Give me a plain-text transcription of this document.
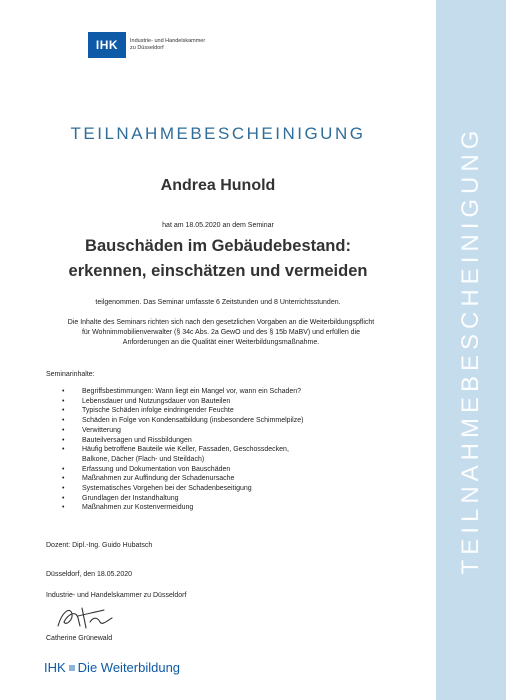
IHK	Industrie- und Handelskammer
zu Düsseldorf
TEILNAHMEBESCHEINIGUNG
TEILNAHMEBESCHEINIGUNG
Andrea Hunold
hat am 18.05.2020 an dem Seminar
Bauschäden im Gebäudebestand:
erkennen, einschätzen und vermeiden
teilgenommen. Das Seminar umfasste 6 Zeitstunden und 8 Unterrichtsstunden.
Die Inhalte des Seminars richten sich nach den gesetzlichen Vorgaben an die Weiterbildungspflicht
für Wohnimmobilienverwalter (§ 34c Abs. 2a GewO und des § 15b MaBV) und erfüllen die
Anforderungen an die Qualität einer Weiterbildungsmaßnahme.
Seminarinhalte:
• Begriffsbestimmungen: Wann liegt ein Mangel vor, wann ein Schaden?
• Lebensdauer und Nutzungsdauer von Bauteilen
• Typische Schäden infolge eindringender Feuchte
• Schäden in Folge von Kondensatbildung (insbesondere Schimmelpilze)
• Verwitterung
• Bauteilversagen und Rissbildungen
• Häufig betroffene Bauteile wie Keller, Fassaden, Geschossdecken,
Balkone, Dächer (Flach- und Steildach)
• Erfassung und Dokumentation von Bauschäden
• Maßnahmen zur Auffindung der Schadenursache
• Systematisches Vorgehen bei der Schadenbeseitigung
• Grundlagen der Instandhaltung
• Maßnahmen zur Kostenvermeidung
Dozent: Dipl.-Ing. Guido Hubatsch
Düsseldorf, den 18.05.2020
Industrie- und Handelskammer zu Düsseldorf
Catherine Grünewald
IHK Die Weiterbildung
